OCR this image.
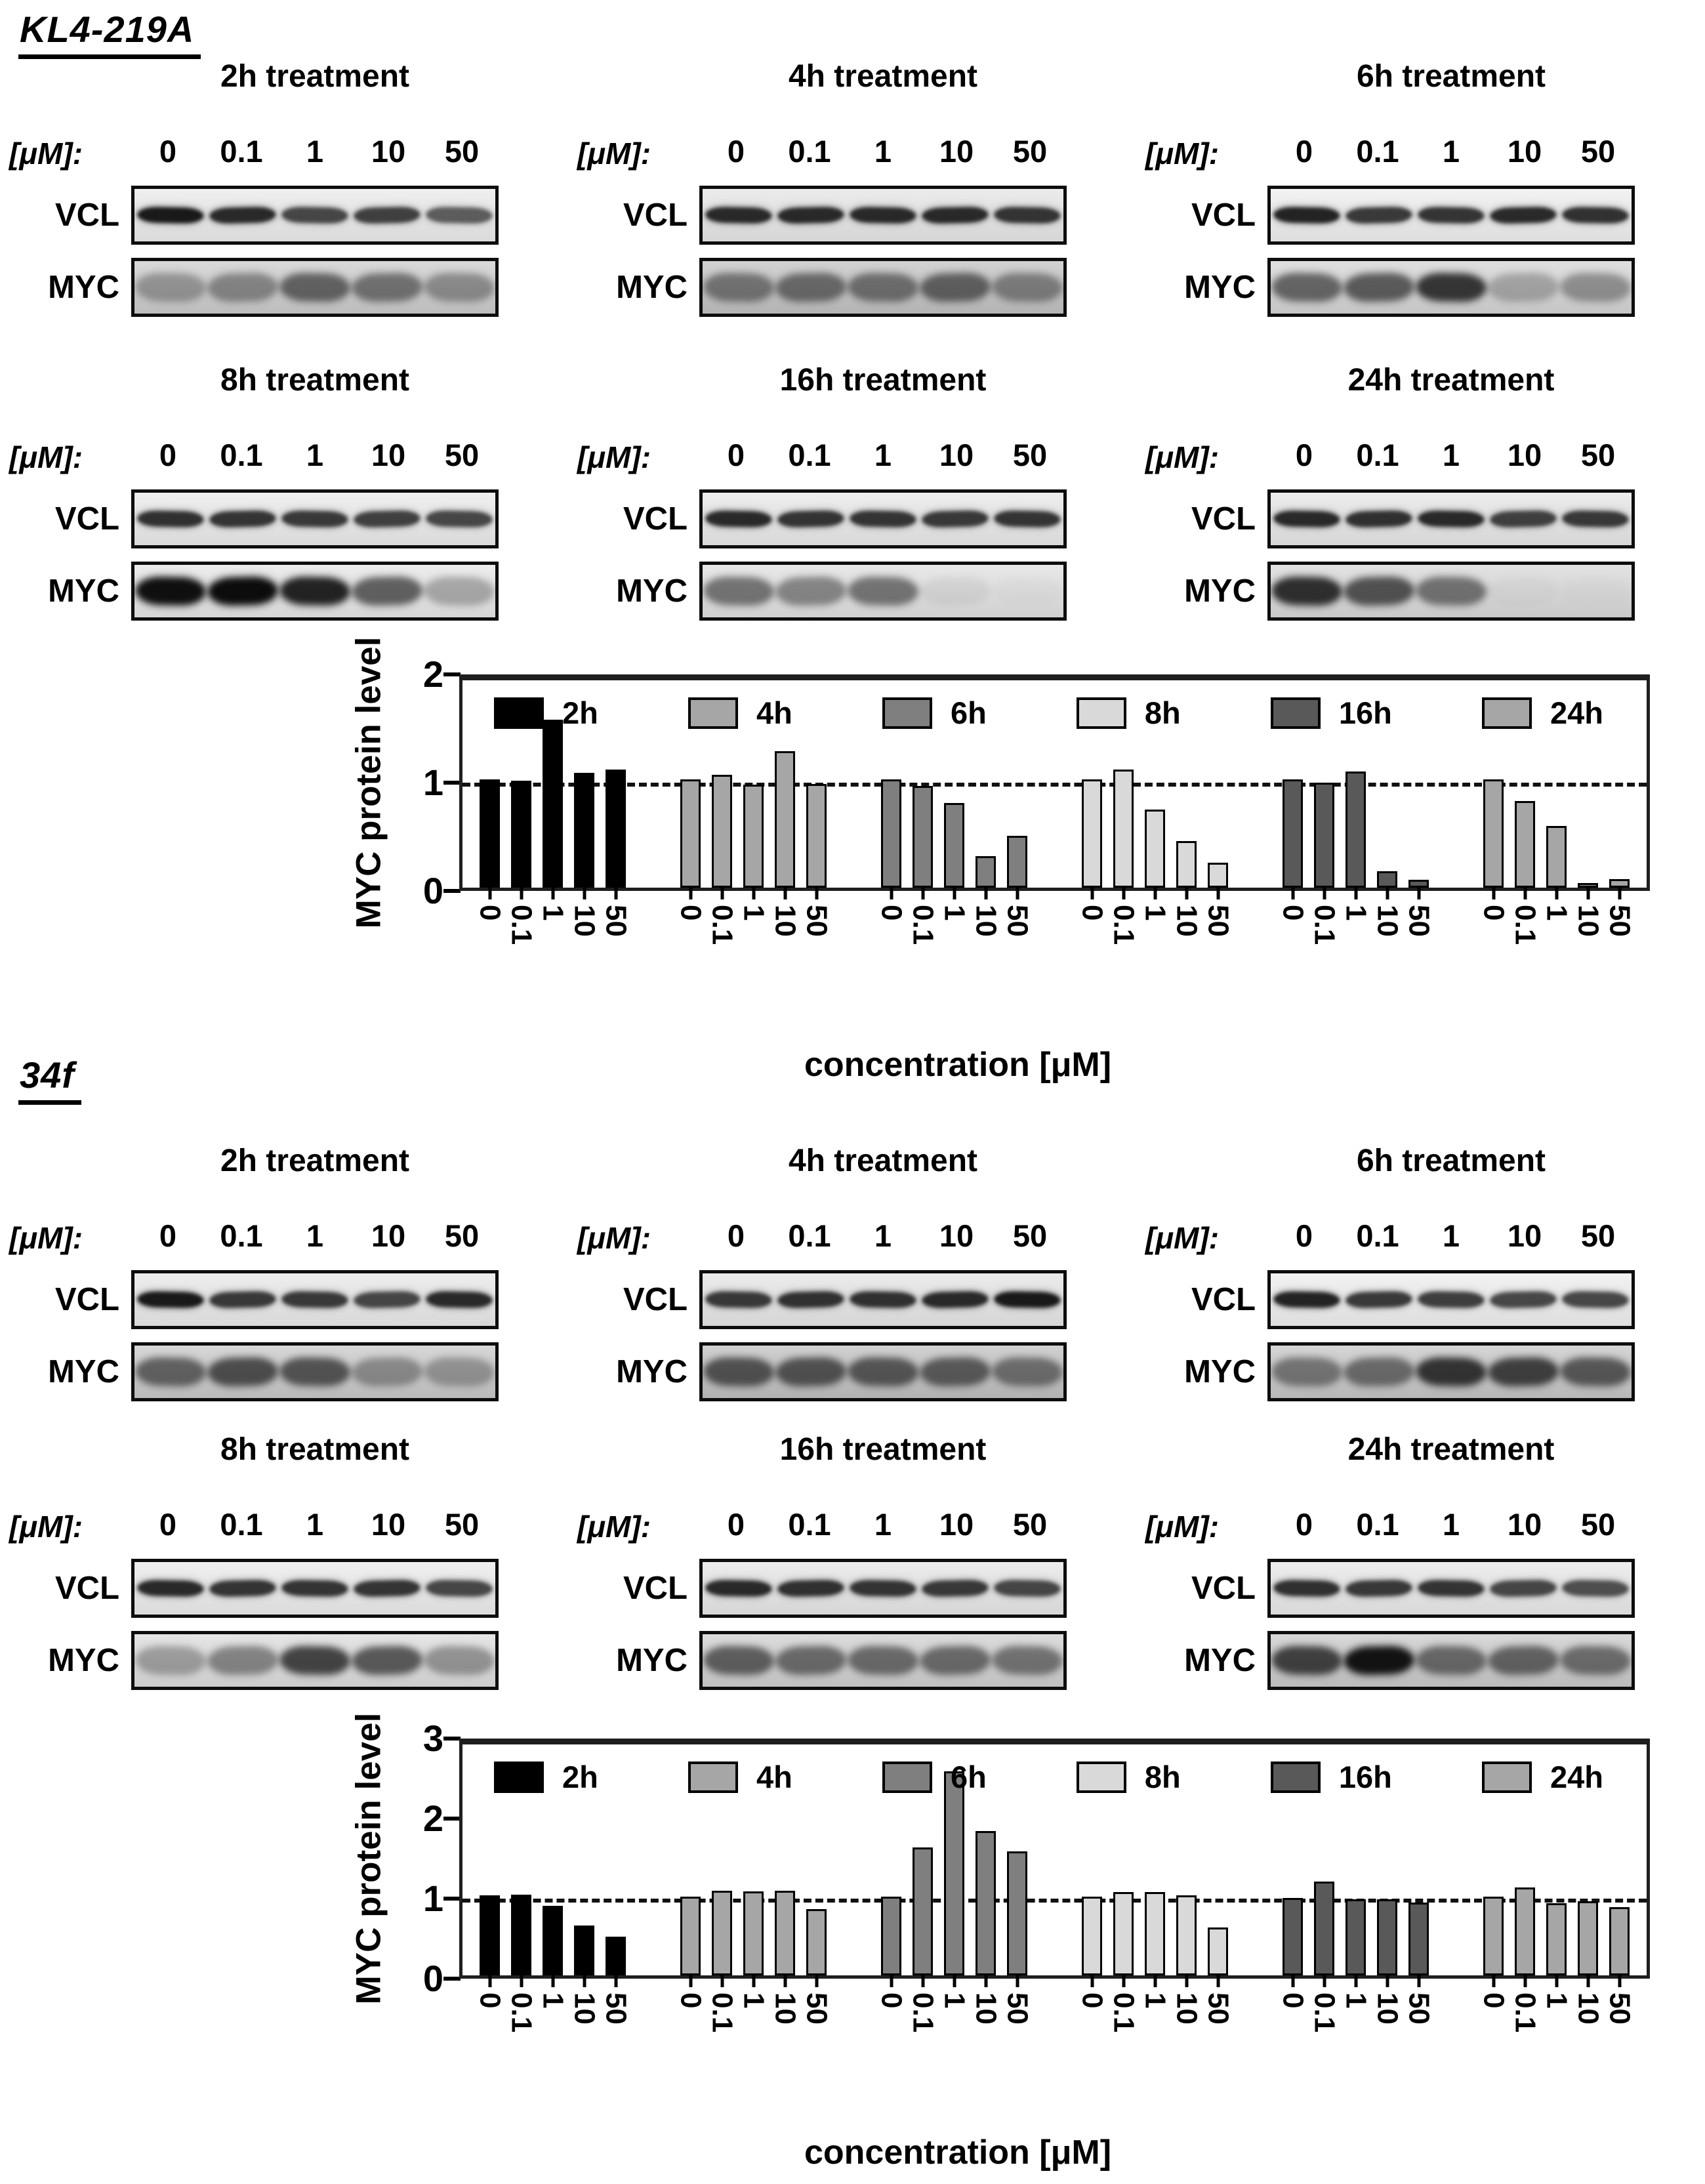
KL4-219A
34f
2h treatment
[μM]:	0	0.1	1	10	50
VCL
MYC
4h treatment
[μM]:	0	0.1	1	10	50
VCL
MYC
6h treatment
[μM]:	0	0.1	1	10	50
VCL
MYC
8h treatment
[μM]:	0	0.1	1	10	50
VCL
MYC
16h treatment
[μM]:	0	0.1	1	10	50
VCL
MYC
24h treatment
[μM]:	0	0.1	1	10	50
VCL
MYC
MYC protein level 0
1
2
2h	4h	6h	8h	16h	24h
0 0.1 1 10 50 0 0.1 1 10 50 0 0.1 1 10 50 0 0.1 1 10 50 0 0.1 1 10 50 0 0.1 1 10 50
concentration [μM]
2h treatment
[μM]:	0	0.1	1	10	50
VCL
MYC
4h treatment
[μM]:	0	0.1	1	10	50
VCL
MYC
6h treatment
[μM]:	0	0.1	1	10	50
VCL
MYC
8h treatment
[μM]:	0	0.1	1	10	50
VCL
MYC
16h treatment
[μM]:	0	0.1	1	10	50
VCL
MYC
24h treatment
[μM]:	0	0.1	1	10	50
VCL
MYC
MYC protein level 0
1
2
3
2h	4h	6h	8h	16h	24h
0 0.1 1 10 50 0 0.1 1 10 50 0 0.1 1 10 50 0 0.1 1 10 50 0 0.1 1 10 50 0 0.1 1 10 50
concentration [μM]
